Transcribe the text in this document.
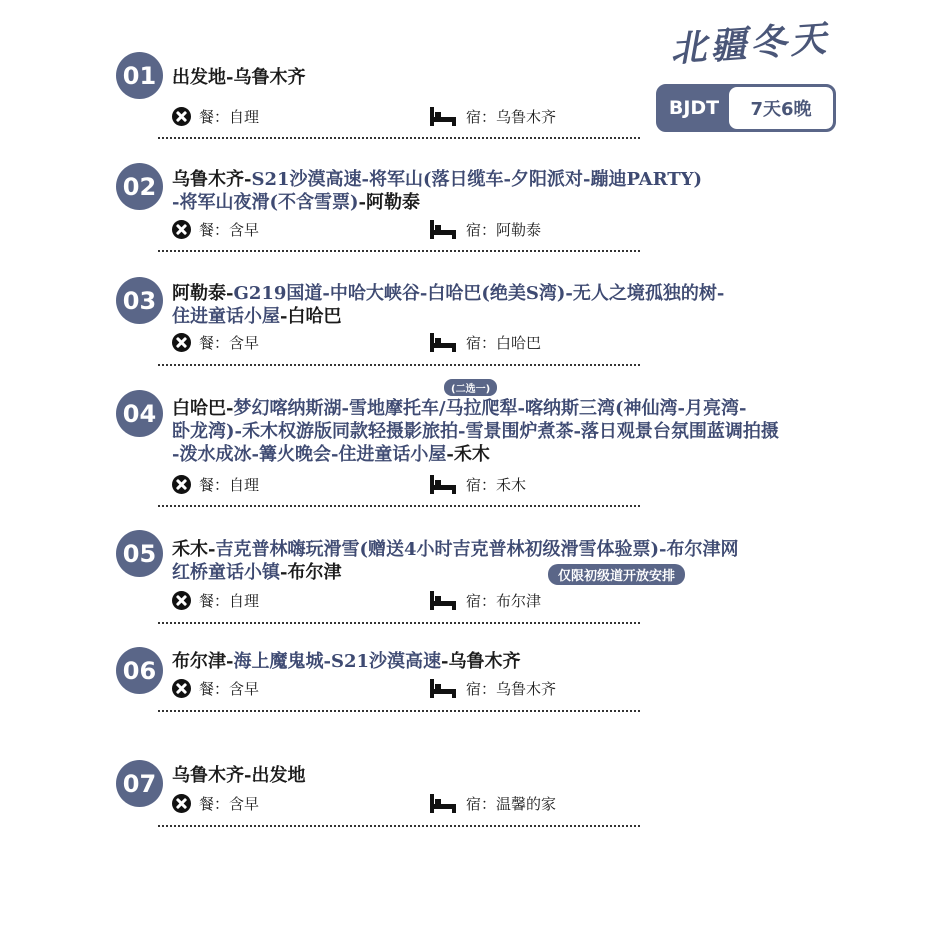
北疆冬天
BJDT	7天6晚
01 出发地-乌鲁木齐
餐：自理	宿：乌鲁木齐
02 乌鲁木齐-S21沙漠高速-将军山(落日缆车-夕阳派对-蹦迪PARTY)
-将军山夜滑(不含雪票)-阿勒泰
餐：含早	宿：阿勒泰
03 阿勒泰-G219国道-中哈大峡谷-白哈巴(绝美S湾)-无人之境孤独的树-
住进童话小屋-白哈巴
餐：含早	宿：白哈巴
04 白哈巴-梦幻喀纳斯湖-雪地摩托车/马拉爬犁-喀纳斯三湾(神仙湾-月亮湾-
卧龙湾)-禾木权游版同款轻摄影旅拍-雪景围炉煮茶-落日观景台氛围蓝调拍摄
-泼水成冰-篝火晚会-住进童话小屋-禾木
(二选一)
餐：自理	宿：禾木
05 禾木-吉克普林嗨玩滑雪(赠送4小时吉克普林初级滑雪体验票)-布尔津网
红桥童话小镇-布尔津	仅限初级道开放安排
餐：自理	宿：布尔津
06 布尔津-海上魔鬼城-S21沙漠高速-乌鲁木齐
餐：含早	宿：乌鲁木齐
07 乌鲁木齐-出发地
餐：含早	宿：温馨的家
